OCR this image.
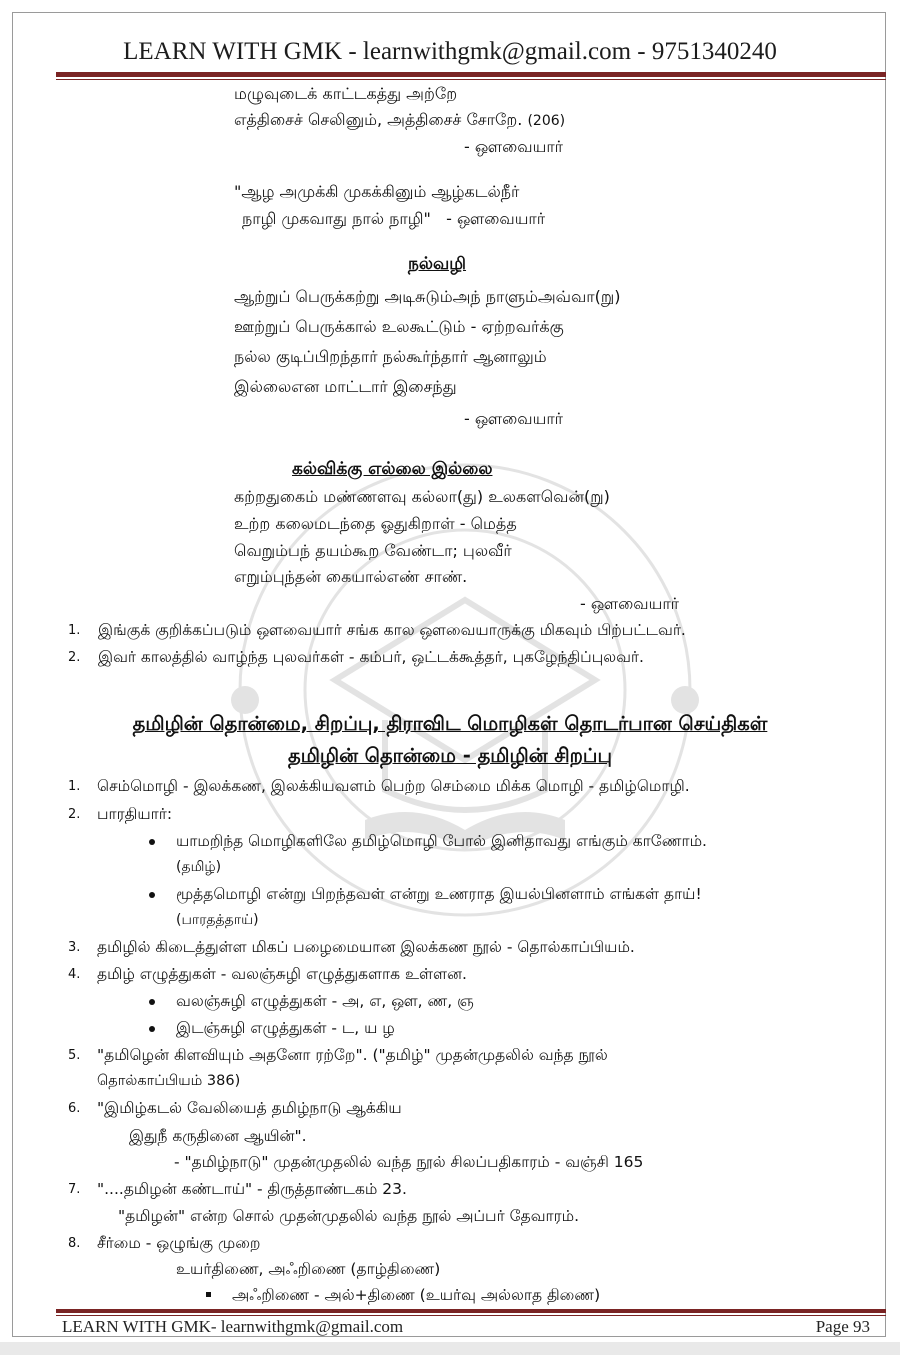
LEARN WITH GMK - learnwithgmk@gmail.com - 9751340240
மழுவுடைக் காட்டகத்து அற்றே
எத்திசைச் செலினும், அத்திசைச் சோறே. (206)
- ஔவையார்
"ஆழ அமுக்கி முகக்கினும் ஆழ்கடல்நீர்
நாழி முகவாது நால் நாழி" - ஔவையார்
நல்வழி
ஆற்றுப் பெருக்கற்று அடிசுடும்அந் நாளும்அவ்வா(று)
ஊற்றுப் பெருக்கால் உலகூட்டும் - ஏற்றவர்க்கு
நல்ல குடிப்பிறந்தார் நல்கூர்ந்தார் ஆனாலும்
இல்லைஎன மாட்டார் இசைந்து
- ஔவையார்
கல்விக்கு எல்லை இல்லை
கற்றதுகைம் மண்ணளவு கல்லா(து) உலகளவென்(று)
உற்ற கலைமடந்தை ஓதுகிறாள் - மெத்த
வெறும்பந் தயம்கூற வேண்டா; புலவீர்
எறும்புந்தன் கையால்எண் சாண்.
- ஔவையார்
1. இங்குக் குறிக்கப்படும் ஔவையார் சங்க கால ஔவையாருக்கு மிகவும் பிற்பட்டவர்.
2. இவர் காலத்தில் வாழ்ந்த புலவர்கள் - கம்பர், ஒட்டக்கூத்தர், புகழேந்திப்புலவர்.
தமிழின் தொன்மை, சிறப்பு, திராவிட மொழிகள் தொடர்பான செய்திகள்
தமிழின் தொன்மை - தமிழின் சிறப்பு
1. செம்மொழி - இலக்கண, இலக்கியவளம் பெற்ற செம்மை மிக்க மொழி - தமிழ்மொழி.
2. பாரதியார்:
யாமறிந்த மொழிகளிலே தமிழ்மொழி போல் இனிதாவது எங்கும் காணோம்.
(தமிழ்)
மூத்தமொழி என்று பிறந்தவள் என்று உணராத இயல்பினளாம் எங்கள் தாய்!
(பாரதத்தாய்)
3. தமிழில் கிடைத்துள்ள மிகப் பழைமையான இலக்கண நூல் - தொல்காப்பியம்.
4. தமிழ் எழுத்துகள் - வலஞ்சுழி எழுத்துகளாக உள்ளன.
வலஞ்சுழி எழுத்துகள் - அ, எ, ஔ, ண, ஞ
இடஞ்சுழி எழுத்துகள் - ட, ய ழ
5. "தமிழென் கிளவியும் அதனோ ரற்றே". ("தமிழ்" முதன்முதலில் வந்த நூல்
தொல்காப்பியம் 386)
6. "இமிழ்கடல் வேலியைத் தமிழ்நாடு ஆக்கிய
இதுநீ கருதினை ஆயின்".
- "தமிழ்நாடு" முதன்முதலில் வந்த நூல் சிலப்பதிகாரம் - வஞ்சி 165
7. "....தமிழன் கண்டாய்" - திருத்தாண்டகம் 23.
"தமிழன்" என்ற சொல் முதன்முதலில் வந்த நூல் அப்பர் தேவாரம்.
8. சீர்மை - ஒழுங்கு முறை
உயர்திணை, அஃறிணை (தாழ்திணை)
அஃறிணை - அல்+திணை (உயர்வு அல்லாத திணை)
LEARN WITH GMK- learnwithgmk@gmail.com	Page 93
